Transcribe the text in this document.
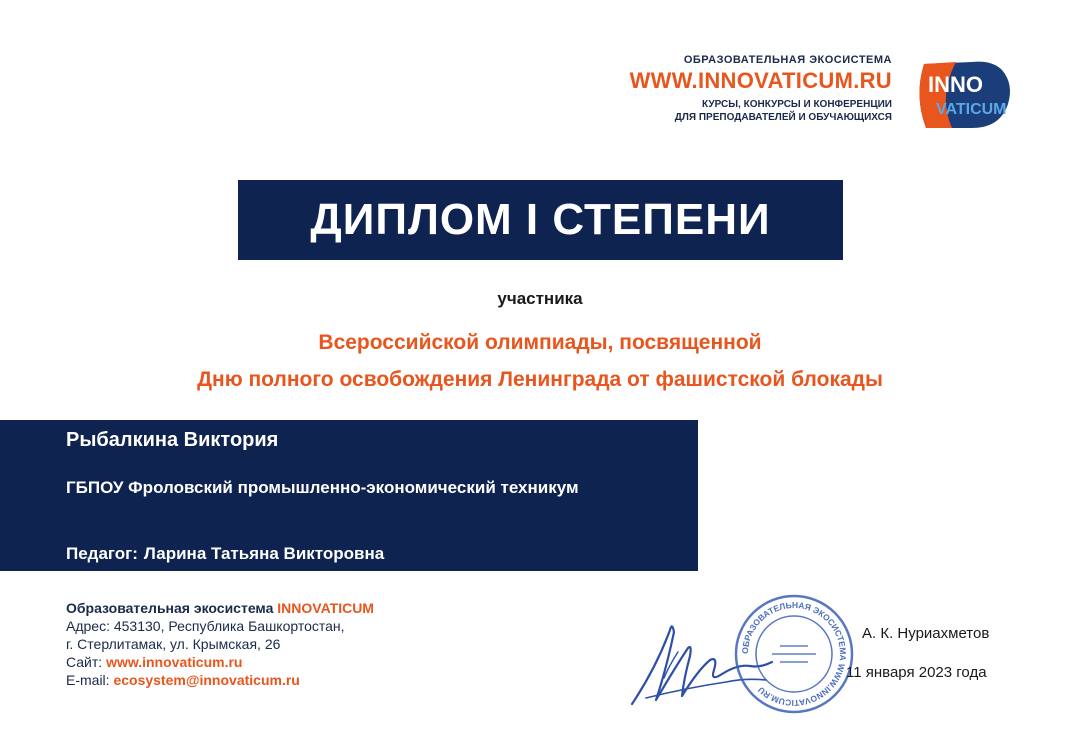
ОБРАЗОВАТЕЛЬНАЯ ЭКОСИСТЕМА
WWW.INNOVATICUM.RU
КУРСЫ, КОНКУРСЫ И КОНФЕРЕНЦИИ
ДЛЯ ПРЕПОДАВАТЕЛЕЙ И ОБУЧАЮЩИХСЯ
INNO
VATICUM
ДИПЛОМ I СТЕПЕНИ
участника
Всероссийской олимпиады, посвященной
Дню полного освобождения Ленинграда от фашистской блокады
Рыбалкина Виктория
ГБПОУ Фроловский промышленно-экономический техникум
Педагог: Ларина Татьяна Викторовна
Образовательная экосистема INNOVATICUM
Адрес: 453130, Республика Башкортостан,
г. Стерлитамак, ул. Крымская, 26
Сайт: www.innovaticum.ru
E-mail: ecosystem@innovaticum.ru
ОБРАЗОВАТЕЛЬНАЯ ЭКОСИСТЕМА WWW.INNOVATICUM.RU
А. К. Нуриахметов
11 января 2023 года
